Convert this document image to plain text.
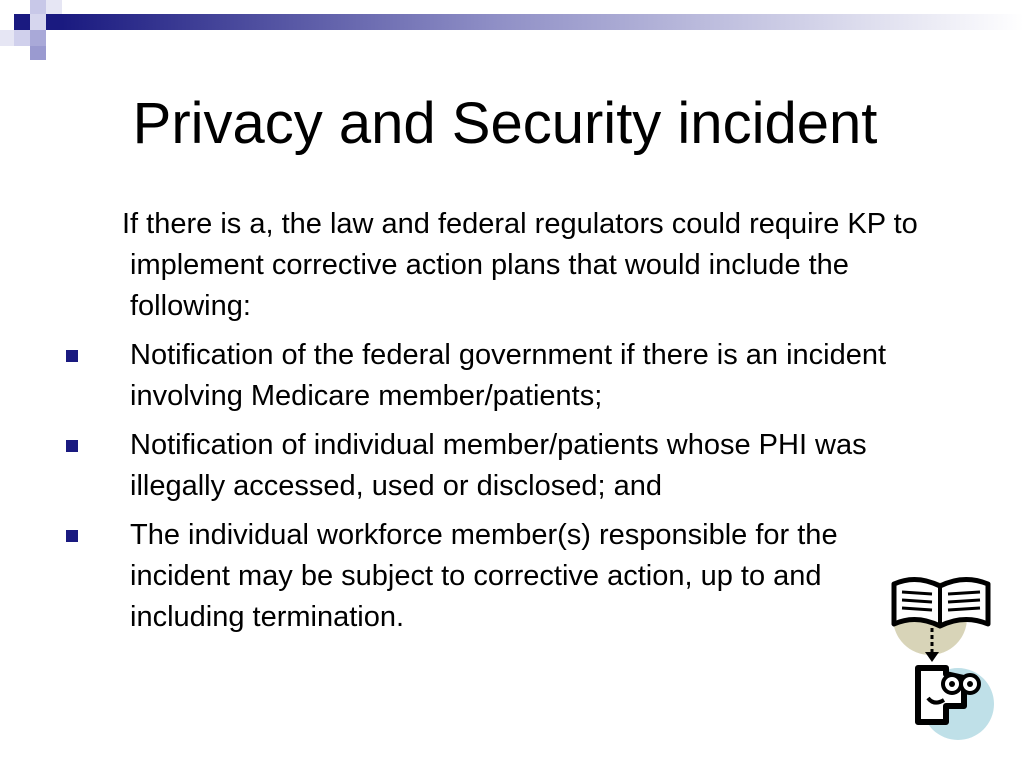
Privacy and Security incident

If there is a, the law and federal regulators could require KP to implement corrective action plans that would include the following:

Notification of the federal government if there is an incident involving Medicare member/patients;
Notification of individual member/patients whose PHI was illegally accessed, used or disclosed; and
The individual workforce member(s) responsible for the incident may be subject to corrective action, up to and including termination.
